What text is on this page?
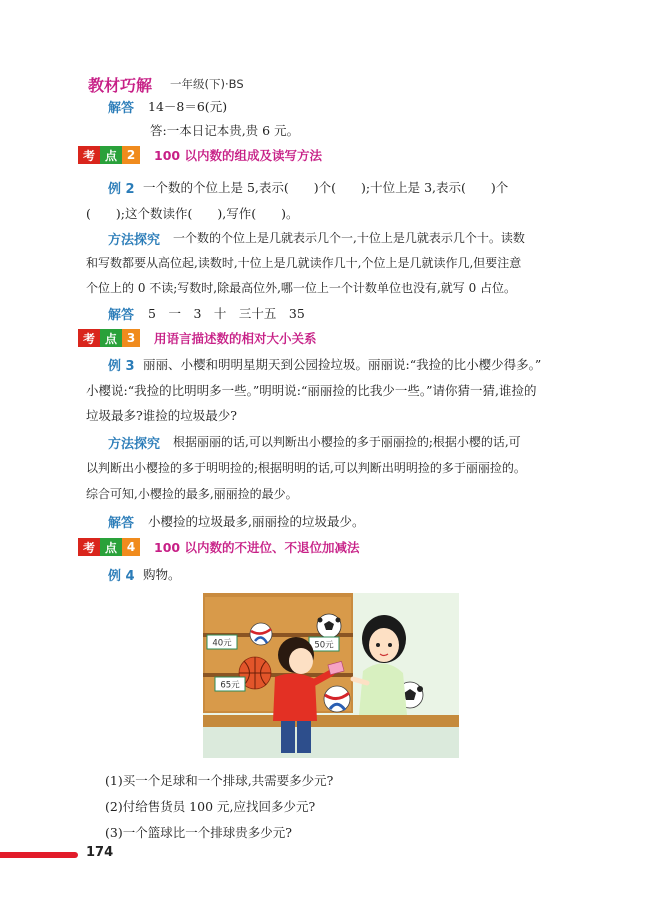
教材巧解 一年级(下)·BS
解答 14－8＝6(元)
答:一本日记本贵,贵 6 元。
考 点 2	100 以内数的组成及读写方法
例 2 一个数的个位上是 5,表示(　　)个(　　);十位上是 3,表示(　　)个
(　　);这个数读作(　　),写作(　　)。
方法探究 一个数的个位上是几就表示几个一,十位上是几就表示几个十。读数
和写数都要从高位起,读数时,十位上是几就读作几十,个位上是几就读作几,但要注意
个位上的 0 不读;写数时,除最高位外,哪一位上一个计数单位也没有,就写 0 占位。
解答 5　一　3　十　三十五　35
考 点 3	用语言描述数的相对大小关系
例 3 丽丽、小樱和明明星期天到公园捡垃圾。丽丽说:“我捡的比小樱少得多。”
小樱说:“我捡的比明明多一些。”明明说:“丽丽捡的比我少一些。”请你猜一猜,谁捡的
垃圾最多?谁捡的垃圾最少?
方法探究 根据丽丽的话,可以判断出小樱捡的多于丽丽捡的;根据小樱的话,可
以判断出小樱捡的多于明明捡的;根据明明的话,可以判断出明明捡的多于丽丽捡的。
综合可知,小樱捡的最多,丽丽捡的最少。
解答 小樱捡的垃圾最多,丽丽捡的垃圾最少。
考 点 4	100 以内数的不进位、不退位加减法
例 4 购物。
40元	50元
65元
(1)买一个足球和一个排球,共需要多少元?
(2)付给售货员 100 元,应找回多少元?
(3)一个篮球比一个排球贵多少元?
174
